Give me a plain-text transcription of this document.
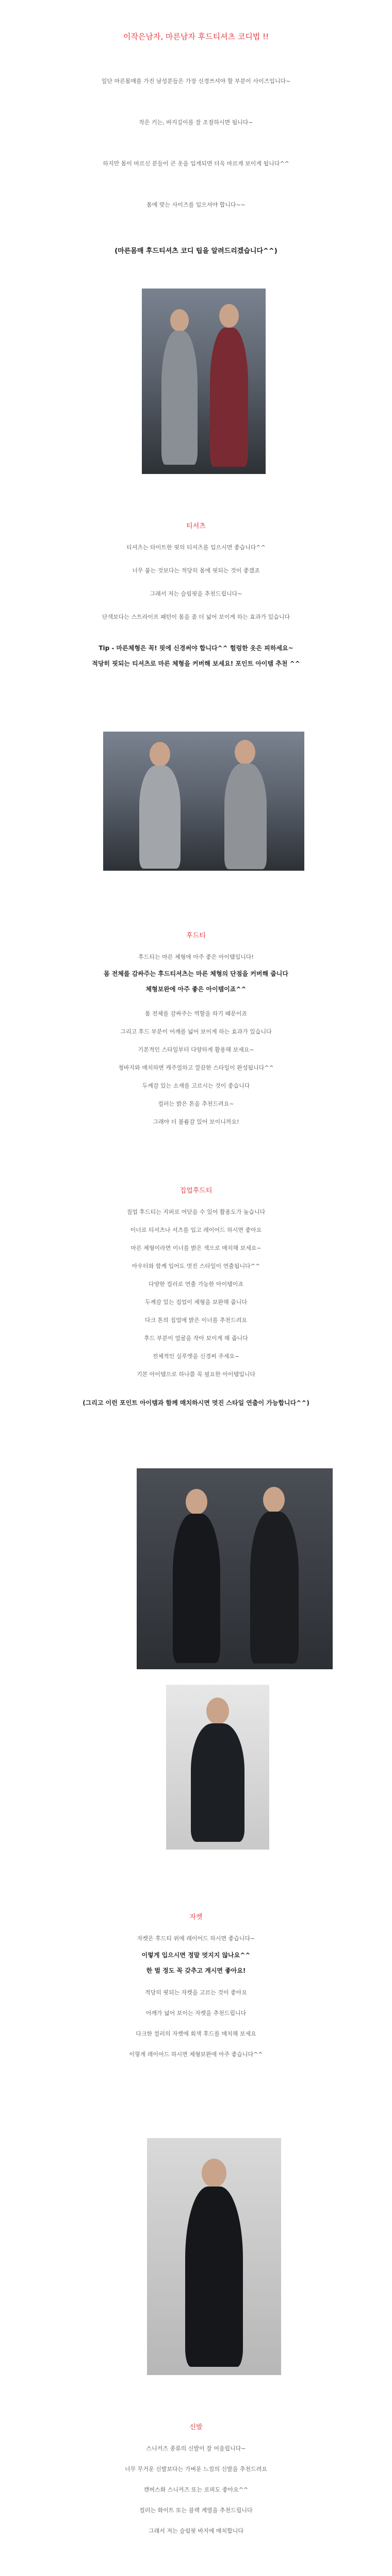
이작은남자, 마른남자 후드티셔츠 코디법 !!
일단 마른몸매를 가진 남성분들은 가장 신경쓰셔야 할 부분이 사이즈입니다~
작은 키는, 바지길이를 잘 조절하시면 됩니다~
하지만 몸이 마르신 분들이 큰 옷을 입게되면 더욱 마르게 보이게 됩니다^^
몸에 맞는 사이즈를 입으셔야 합니다~~
(마른몸매 후드티셔츠 코디 팁을 알려드리겠습니다^^)
티셔츠
티셔츠는 타이트한 핏의 티셔츠를 입으시면 좋습니다^^
너무 붙는 것보다는 적당히 몸에 핏되는 것이 좋겠죠
그래서 저는 슬림핏을 추천드립니다~
단색보다는 스트라이프 패턴이 몸을 좀 더 넓어 보이게 하는 효과가 있습니다
Tip - 마른체형은 꼭! 핏에 신경써야 합니다^^ 헐렁한 옷은 피하세요~
적당히 핏되는 티셔츠로 마른 체형을 커버해 보세요! 포인트 아이템 추천 ^^
후드티
후드티는 마른 체형에 아주 좋은 아이템입니다!
몸 전체를 감싸주는 후드티셔츠는 마른 체형의 단점을 커버해 줍니다
체형보완에 아주 좋은 아이템이죠^^
몸 전체를 감싸주는 역할을 하기 때문이죠
그리고 후드 부분이 어깨를 넓어 보이게 하는 효과가 있습니다
기본적인 스타일부터 다양하게 활용해 보세요~
청바지와 매치하면 캐주얼하고 깔끔한 스타일이 완성됩니다^^
두께감 있는 소재를 고르시는 것이 좋습니다
컬러는 밝은 톤을 추천드려요~
그래야 더 볼륨감 있어 보이니까요!
집업후드티
집업 후드티는 지퍼로 여닫을 수 있어 활용도가 높습니다
이너로 티셔츠나 셔츠를 입고 레이어드 하시면 좋아요
마른 체형이라면 이너를 밝은 색으로 매치해 보세요~
아우터와 함께 입어도 멋진 스타일이 연출됩니다^^
다양한 컬러로 연출 가능한 아이템이죠
두께감 있는 집업이 체형을 보완해 줍니다
다크 톤의 집업에 밝은 이너를 추천드려요
후드 부분이 얼굴을 작아 보이게 해 줍니다
전체적인 실루엣을 신경써 주세요~
기본 아이템으로 하나쯤 꼭 필요한 아이템입니다
(그리고 이런 포인트 아이템과 함께 매치하시면 멋진 스타일 연출이 가능합니다^^)
자켓
자켓은 후드티 위에 레이어드 하시면 좋습니다~
이렇게 입으시면 정말 멋지지 않나요^^
한 벌 정도 꼭 갖추고 계시면 좋아요!
적당히 핏되는 자켓을 고르는 것이 좋아요
어깨가 넓어 보이는 자켓을 추천드립니다
다크한 컬러의 자켓에 회색 후드를 매치해 보세요
이렇게 레이어드 하시면 체형보완에 아주 좋습니다^^
신발
스니커즈 종류의 신발이 잘 어울립니다~
너무 무거운 신발보다는 가벼운 느낌의 신발을 추천드려요
캔버스화 스니커즈 또는 로퍼도 좋아요^^
컬러는 화이트 또는 블랙 계열을 추천드립니다
그래서 저는 슬림핏 바지에 매치합니다
